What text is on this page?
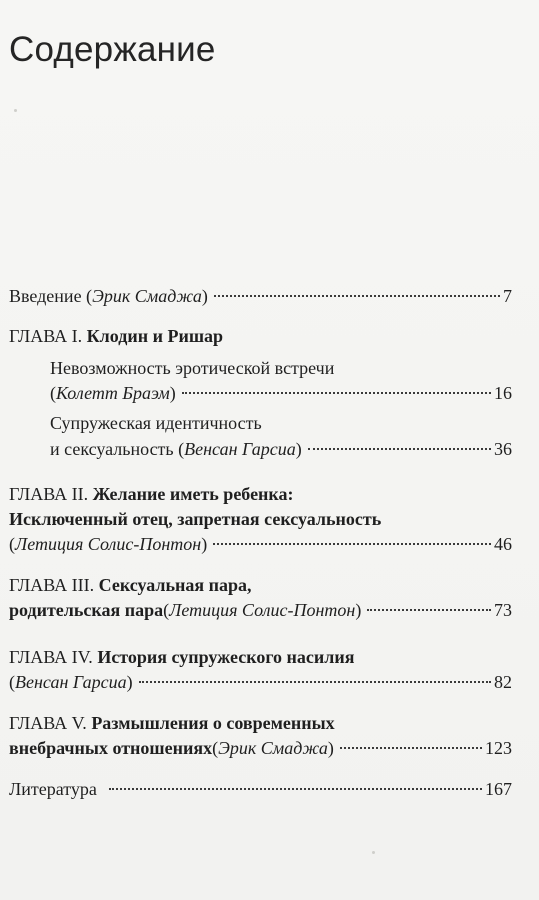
Содержание
Введение ( Эрик Смаджа )	7
ГЛАВА I.
Клодин и Ришар
Невозможность эротической встречи
( Колетт Браэм )	16
Супружеская идентичность
и сексуальность ( Венсан Гарсиа )	36
ГЛАВА II.
Желание иметь ребенка:
Исключенный отец, запретная сексуальность
( Летиция Солис-Понтон )	46
ГЛАВА III.
Сексуальная пара,
родительская пара ( Летиция Солис-Понтон )	73
ГЛАВА IV.
История супружеского насилия
( Венсан Гарсиа )	82
ГЛАВА V.
Размышления о современных
внебрачных отношениях ( Эрик Смаджа )	123
Литература	167
